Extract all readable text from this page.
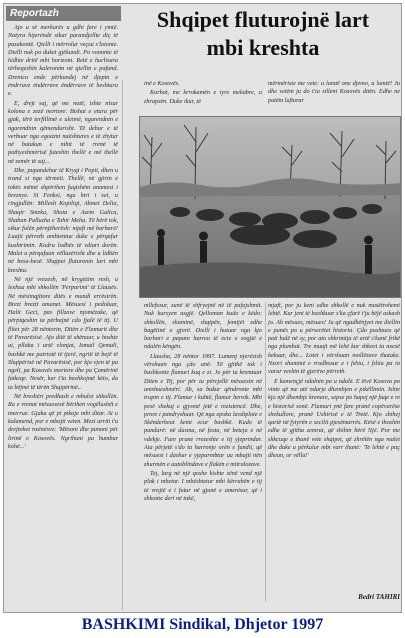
Reportazh	Shqipet fluturojnë lart
mbi kreshta

Ajo u së merkurës u gdhi fare i ymtë. Natyra hijerëndë sikur parandjellte diç të pazakontë. Qielli i mërrolur veçsa s'lotonte. Dielli nuk po duket gjëkundi. Po vononte të hidhte dritë mbi horizont. Retë e hurlisura tërheqeshin kaleronim në qiellin e pafund. Drenica ende përkundej në djepin e ëndrrave ëndërrave ëndërrave të heshtura e.

E, drejt saj, që me natë, ishte nisur kolona e zezë mortore. Bishat e etura për gjak, tërë terfillimë e uleimë, ngarendnin e ngarendnin qëmendurisht. Të dehur e të verbuar nga egoizmi naështures e të zhytur në batakun e nihit të rrenë të pathyeshmërisë futeshin thellë e më thellë në zemër të saj...

Dhe, pupandehur të Kryqi i Popit, dhen u trand si nga tërmeti. Thellë, në gjirin e tokës mëmë shpërthen fuqishëm anamesi i breznye. Si Fenksi, nga hiri i vet, u ringjallën: Millesh Kopiliqi, Ahmet Delia, Shaqir Smeka, Shota e Azem Galica, Shaban Palluzha e Tahir Meha. Të bërë tok, sikur folën përnjëherësh: mjaft më barbarë! Luajti përreth ambientue duke e përqafur kushtrimin. Kodra lodhës të vdiart dorën. Malet u përqafuan vëllazërisht dhe u lidhën në besa-besë. Shqipet fluturonin lart mbi kreshta.

Në një vrezesh, në krygëzim resh, u lexhua mbi shkollën 'Perparimi' të Llausës. Në mësimqjitore ditës e mundi errësirën. Brezi brezit amanet. Mësuesi i pedoluar, Halit Geci, pas fillzave njomëzake, që përpiqeshin ta përbajnë cdo fjalë të tij. U flitet për 28 nëntorin, Ditën e Flamurit dhe të Pavarësisë. Ajo ditë të shënuar, u hoshte ai, pllaka i urtë vlonjat, Ismail Qemali, bashkë me patriotë të tjerë, ngriti të bejë të Shqipërisë në Pavarësisë, por kjo vjen të pa ngeli, pa Kosovës mortore dhe pa Çamërinë fatkeqe. Nesër, kur t'ia bashkojmë këto, do ta bëjmë të tërën Shqipërinë...

Në breshëri predhash e mbuloi shkollën. Ra e vrenat mësuesesë bërthen vogëlushët e tmerrue. Gjaku që pi pikoje mbi ditar. Ai u kalamend, por e mbajti veten. Mezi arriti t'u drejtohet nxënësve: 'Mësoni dhe punoni për lirinë e Kosovës. Ngrihuni pa humbur kohë...'

inë e Kosovës.

Korbat, me krrokamën e tyre mekabre, u zhrapsën. Duke ikur, të

mërmëriste me vete: u lumtë one djemo, u lumtë! Ju dhe vetëm ju do t'ia silleni Kosovës ditën. Edhe ne patëm lufturar

mllefosur, zunë të shfryejnë në të pafajshmit. Nuk kursyen asgjë. Qelloman kudo e këdo: shkollën, shaminë, shqipën, femijët edhe bagëtinë e gjorë. Dielli i hutuar nga kjo barbari e papare harrea të ecte e zogjtë e ndalën këngën.

Llausha, 28 nëntor 1997. Lumenj njerëzish vërshuan nga çdo anë. Të gjithë tok i bashkonte flamuri kuq e zi. Jo për ta kremtuar Diten e Tij, por për ta përcjellë mësuesin në amshueshmëri. Ah, sa bukur qëndronte mbi trupin e tij. Flamur i kuhtë, flamur heroik. Mbi pesë shekuj e gjysmë jetë e rezistencë. Dhe, prore i pandryshuar. Që nga epoka lavdiplote e Skënderbeut kemi ecur bashkë. Kudo të pandarë: në dasma, në festa, në beteja e në vdekje. Fare prane rrezeshte e tij yjeprindar. Ata përjetë s'do ta harronje orën e fundit, që mësuesi i dashur e yjeparmbtar ua mbajti nën zhurmën e autoblindave e flakën e mitralozave.

Tej, larg në një qoshe kishte zënë vend një plak i mbetur. I mbështetur mbi kërrabën e tij të vrojtë e i futur në gjunë e amenisur, që i shkonte deri në tokë,

mjaft, por ju keni edhe shkollë e nuk masëtrohemi lehtë. Kur jeni të bashkuar s'ka çfarë t'ju bëjë askush jo. Ah mësues, mësues! Ju që ngadhënjyet me diellin e punës po u përserëtet historia. Çdo pushtues që pati halë në sy, por ato shkrimtja të artë s'kanë frikë nga plumbat. Tre muajt më lehë kur shkovi ta nxesë bekuar, dhe... Lotet i vërshuan mollëzave thatake. Nxori shaminë e rrudhosur e i fshiu, i fshiu pa ia varur veshin të gjerëve përreth.

E kumençjë ndalnin pa u ndalë. E ëtvë Kosova po vinte që me atë ndarje dhembjen e pikëllimin. Ishte kjo një dhembje krenare, sepse po hapej një faqe e re e historisë sonë. Flamuri ynë fare pranë copëvarëse shekullore, pranë Ushtrisë e të Tretë. Kjo shihej qartë në fytyrën e secilit pjesëmarrës. Kësë e thoshin edhe të gjitha zemrat, që shihin bërë Një. Por me shkcuqe e thanë vete shqipet, që zhrëtën nga malet dhe duke u përkulur mbi varr thanë: 'Te lehtë e paç dheun, or vëlla!'

Bedri TAHIRI
BASHKIMI Sindikal, Dhjetor 1997
